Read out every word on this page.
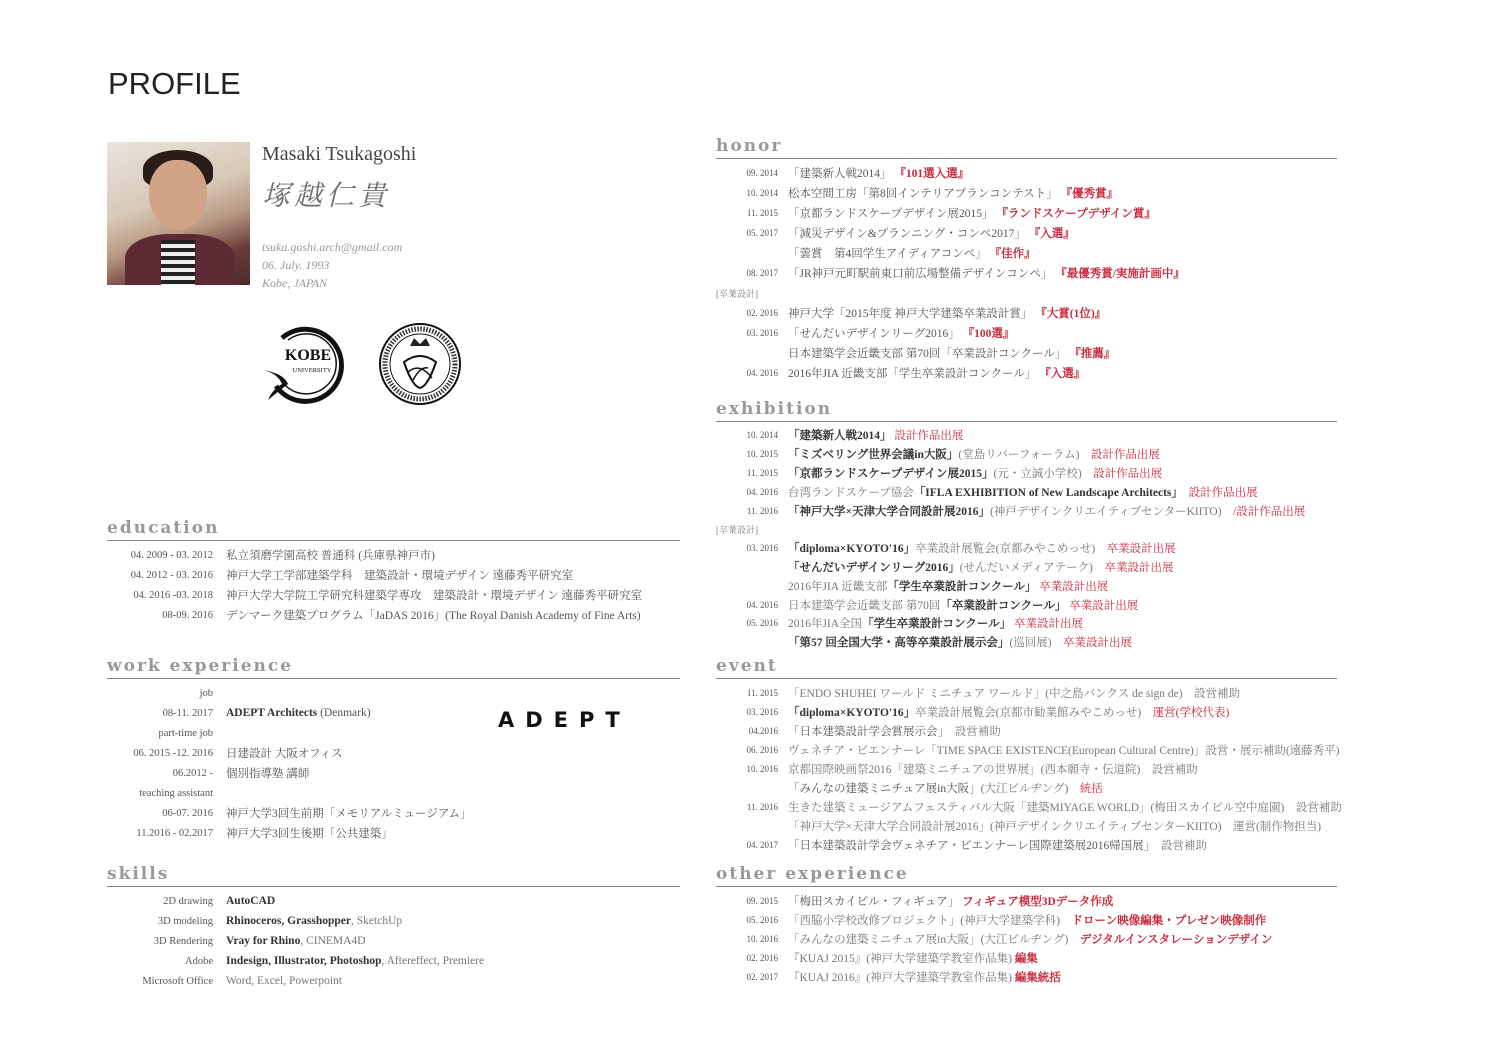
PROFILE
Masaki Tsukagoshi
塚越仁貴
tsuka.goshi.arch@gmail.com
06. July. 1993
Kobe, JAPAN
KOBE
UNIVERSITY
education
04. 2009 - 03. 2012	私立須磨学園高校 普通科 (兵庫県神戸市)
04. 2012 - 03. 2016	神戸大学工学部建築学科　建築設計・環境デザイン 遠藤秀平研究室
04. 2016 -03. 2018	神戸大学大学院工学研究科建築学専攻　建築設計・環境デザイン 遠藤秀平研究室
08-09. 2016	デンマーク建築プログラム「JaDAS 2016」(The Royal Danish Academy of Fine Arts)
work experience
job
08-11. 2017	ADEPT Architects (Denmark)
part-time job
06. 2015 -12. 2016	日建設計 大阪オフィス
06.2012 -	個別指導塾 講師
teaching assistant
06-07. 2016	神戸大学3回生前期「メモリアルミュージアム」
11.2016 - 02.2017	神戸大学3回生後期「公共建築」
ADEPT
skills
2D drawing	AutoCAD
3D modeling	Rhinoceros, Grasshopper, SketchUp
3D Rendering	Vray for Rhino, CINEMA4D
Adobe	Indesign, Illustrator, Photoshop, Aftereffect, Premiere
Microsoft Office	Word, Excel, Powerpoint
honor
09. 2014 「建築新人戦2014」 『101選入選』
10. 2014 松本空間工房「第8回インテリアプランコンテスト」 『優秀賞』
11. 2015 「京都ランドスケープデザイン展2015」 『ランドスケープデザイン賞』
05. 2017 「減災デザイン&プランニング・コンペ2017」 『入選』
「蕓賞　第4回学生アイディアコンペ」 『佳作』
08. 2017 「JR神戸元町駅前東口前広場整備デザインコンペ」 『最優秀賞/実施計画中』
[卒業設計]
02. 2016 神戸大学「2015年度 神戸大学建築卒業設計賞」 『大賞(1位)』
03. 2016 「せんだいデザインリーグ2016」 『100選』
日本建築学会近畿支部 第70回「卒業設計コンクール」 『推薦』
04. 2016 2016年JIA 近畿支部「学生卒業設計コンクール」 『入選』
exhibition
10. 2014 「建築新人戦2014」 設計作品出展
10. 2015 「ミズベリング世界会議in大阪」(堂島リバーフォーラム)　設計作品出展
11. 2015 「京都ランドスケープデザイン展2015」(元・立誠小学校)　設計作品出展
04. 2016 台湾ランドスケープ協会「IFLA EXHIBITION of New Landscape Architects」　設計作品出展
11. 2016 「神戸大学×天津大学合同設計展2016」(神戸デザインクリエイティブセンターKIITO)　/設計作品出展
[卒業設計]
03. 2016 「diploma×KYOTO'16」卒業設計展覧会(京都みやこめっせ)　卒業設計出展
「せんだいデザインリーグ2016」(せんだいメディアテーク)　卒業設計出展
2016年JIA 近畿支部「学生卒業設計コンクール」 卒業設計出展
04. 2016 日本建築学会近畿支部 第70回「卒業設計コンクール」 卒業設計出展
05. 2016 2016年JIA全国「学生卒業設計コンクール」 卒業設計出展
「第57 回全国大学・高等卒業設計展示会」(巡回展)　卒業設計出展
event
11. 2015 「ENDO SHUHEI ワールド ミニチュア ワールド」(中之島バンクス de sign de)　設営補助
03. 2016 「diploma×KYOTO'16」卒業設計展覧会(京都市勧業館みやこめっせ)　運営(学校代表)
04.2016 「日本建築設計学会賞展示会」　設営補助
06. 2016 ヴェネチア・ビエンナーレ「TIME SPACE EXISTENCE(European Cultural Centre)」設営・展示補助(遠藤秀平)
10. 2016 京都国際映画祭2016「建築ミニチュアの世界展」(西本願寺・伝道院)　設営補助
「みんなの建築ミニチュア展in大阪」(大江ビルヂング)　統括
11. 2016 生きた建築ミュージアムフェスティバル大阪「建築MIYAGE WORLD」(梅田スカイビル空中庭園)　設営補助
「神戸大学×天津大学合同設計展2016」(神戸デザインクリエイティブセンターKIITO)　運営(制作物担当)
04. 2017 「日本建築設計学会ヴェネチア・ビエンナーレ国際建築展2016帰国展」　設営補助
other experience
09. 2015 「梅田スカイビル・フィギュア」 フィギュア模型3Dデータ作成
05. 2016 「西脇小学校改修プロジェクト」(神戸大学建築学科)　ドローン映像編集・プレゼン映像制作
10. 2016 「みんなの建築ミニチュア展in大阪」(大江ビルヂング)　デジタルインスタレーションデザイン
02. 2016 『KUAJ 2015』(神戸大学建築学教室作品集) 編集
02. 2017 『KUAJ 2016』(神戸大学建築学教室作品集) 編集統括
